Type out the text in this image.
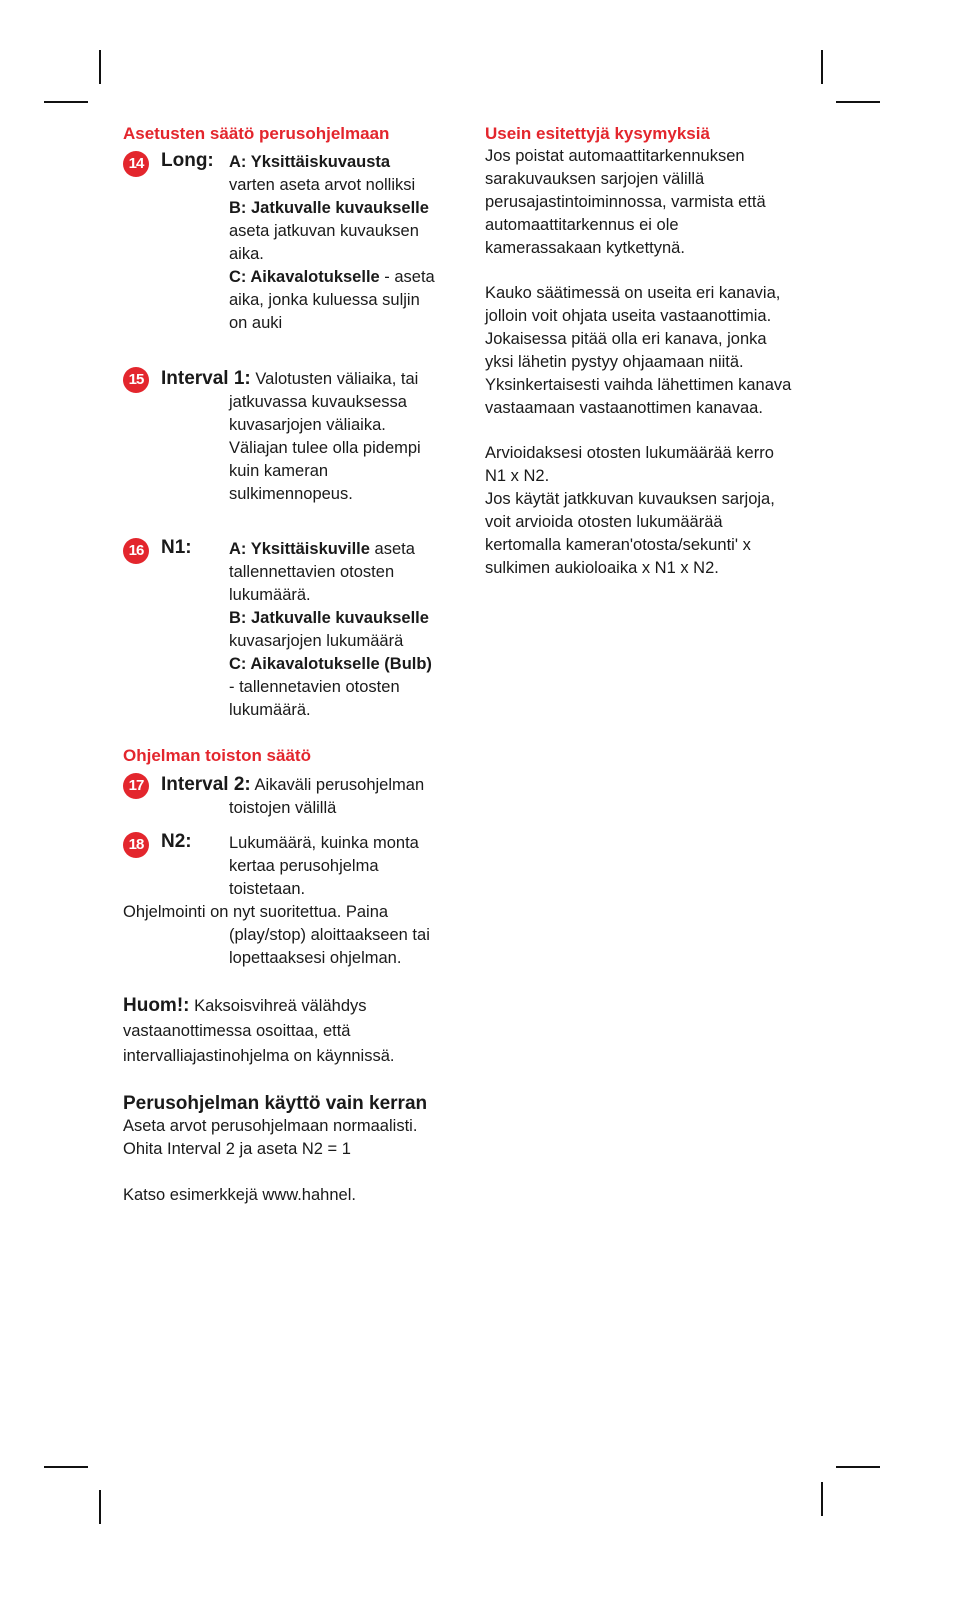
Asetusten säätö perusohjelmaan
14 Long: A: Yksittäiskuvausta
varten aseta arvot nolliksi
B: Jatkuvalle kuvaukselle
aseta jatkuvan kuvauksen
aika.
C: Aikavalotukselle - aseta
aika, jonka kuluessa suljin
on auki
15 Interval 1: Valotusten väliaika, tai
jatkuvassa kuvauksessa
kuvasarjojen väliaika.
Väliajan tulee olla pidempi
kuin kameran
sulkimennopeus.
16 N1: A: Yksittäiskuville aseta
tallennettavien otosten
lukumäärä.
B: Jatkuvalle kuvaukselle
kuvasarjojen lukumäärä
C: Aikavalotukselle (Bulb)
- tallennetavien otosten
lukumäärä.
Ohjelman toiston säätö
17 Interval 2: Aikaväli perusohjelman
toistojen välillä
18 N2: Lukumäärä, kuinka monta
kertaa perusohjelma
toistetaan.
Ohjelmointi on nyt suoritettua. Paina
(play/stop) aloittaakseen tai
lopettaaksesi ohjelman.
Huom!: Kaksoisvihreä välähdys
vastaanottimessa osoittaa, että
intervalliajastinohjelma on käynnissä.
Perusohjelman käyttö vain kerran
Aseta arvot perusohjelmaan normaalisti.
Ohita Interval 2 ja aseta N2 = 1
Katso esimerkkejä www.hahnel.
Usein esitettyjä kysymyksiä
Jos poistat automaattitarkennuksen
sarakuvauksen sarjojen välillä
perusajastintoiminnossa, varmista että
automaattitarkennus ei ole
kamerassakaan kytkettynä.
Kauko säätimessä on useita eri kanavia,
jolloin voit ohjata useita vastaanottimia.
Jokaisessa pitää olla eri kanava, jonka
yksi lähetin pystyy ohjaamaan niitä.
Yksinkertaisesti vaihda lähettimen kanava
vastaamaan vastaanottimen kanavaa.
Arvioidaksesi otosten lukumäärää kerro
N1 x N2.
Jos käytät jatkkuvan kuvauksen sarjoja,
voit arvioida otosten lukumäärää
kertomalla kameran'otosta/sekunti' x
sulkimen aukioloaika x N1 x N2.
